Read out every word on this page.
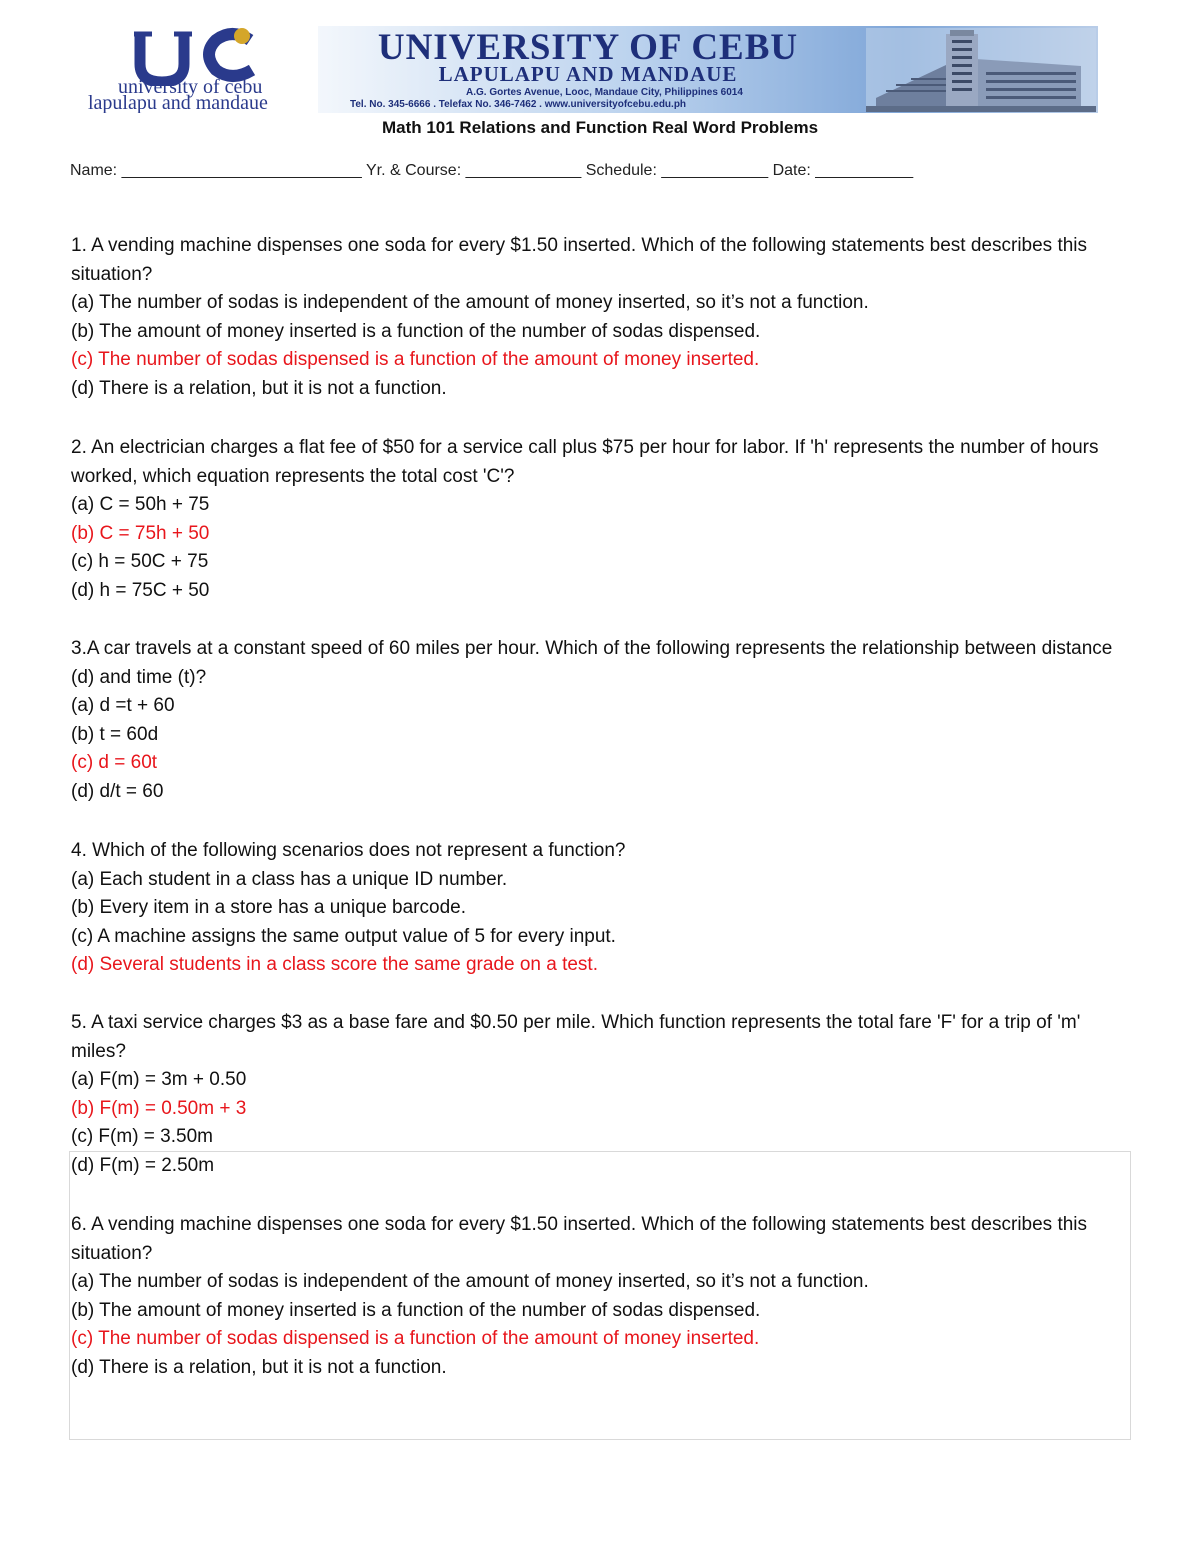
university of cebu
lapulapu and mandaue
UNIVERSITY OF CEBU
LAPULAPU AND MANDAUE
A.G. Gortes Avenue, Looc, Mandaue City, Philippines 6014
Tel. No. 345-6666 . Telefax No. 346-7462 . www.universityofcebu.edu.ph
Math 101 Relations and Function Real Word Problems
Name: ___________________________ Yr. & Course: _____________ Schedule: ____________ Date: ___________

1. A vending machine dispenses one soda for every $1.50 inserted. Which of the following statements best describes this situation?

(a) The number of sodas is independent of the amount of money inserted, so it’s not a function.

(b) The amount of money inserted is a function of the number of sodas dispensed.

(c) The number of sodas dispensed is a function of the amount of money inserted.

(d) There is a relation, but it is not a function.

2. An electrician charges a flat fee of $50 for a service call plus $75 per hour for labor. If 'h' represents the number of hours worked, which equation represents the total cost 'C'?

(a) C = 50h + 75

(b) C = 75h + 50

(c) h = 50C + 75

(d) h = 75C + 50

3.A car travels at a constant speed of 60 miles per hour. Which of the following represents the relationship between distance (d) and time (t)?

(a) d =t + 60

(b) t = 60d

(c) d = 60t

(d) d/t = 60

4. Which of the following scenarios does not represent a function?

(a) Each student in a class has a unique ID number.

(b) Every item in a store has a unique barcode.

(c) A machine assigns the same output value of 5 for every input.

(d) Several students in a class score the same grade on a test.

5. A taxi service charges $3 as a base fare and $0.50 per mile. Which function represents the total fare 'F' for a trip of 'm' miles?

(a) F(m) = 3m + 0.50

(b) F(m) = 0.50m + 3

(c) F(m) = 3.50m

(d) F(m) = 2.50m

6. A vending machine dispenses one soda for every $1.50 inserted. Which of the following statements best describes this situation?

(a) The number of sodas is independent of the amount of money inserted, so it’s not a function.

(b) The amount of money inserted is a function of the number of sodas dispensed.

(c) The number of sodas dispensed is a function of the amount of money inserted.

(d) There is a relation, but it is not a function.
